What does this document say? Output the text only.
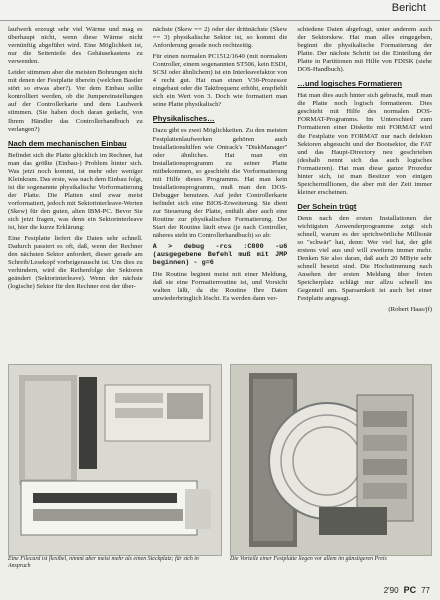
Bericht

laufwerk erzeugt sehr viel Wärme und mag es überhaupt nicht, wenn diese Wärme nicht vernünftig abgeführt wird. Eine Möglichkeit ist, nur die Seitenteile des Gehäusekastens zu verwenden.

Leider stimmen aber die meisten Bohrungen nicht mit denen der Festplatte überein (welchen Bastler stört so etwas aber?). Vor dem Einbau sollte kontrolliert werden, ob die Jumpereinstellungen auf der Controllerkarte und dem Laufwerk stimmen. (Sie haben doch daran gedacht, von Ihrem Händler das Controllerhandbuch zu verlangen?)

Nach dem mechanischen Einbau

Befindet sich die Platte glücklich im Rechner, hat man das größte (Einbau-) Problem hinter sich. Was jetzt noch kommt, ist mehr oder weniger Kleinkram. Das erste, was nach dem Einbau folgt, ist die sogenannte physikalische Vorformatierung der Platte. Die Platten sind zwar meist vorformatiert, jedoch mit Sektorinterleave-Werten (Skew) für den guten, alten IBM-PC. Bevor Sie sich jetzt fragen, was denn ein Sektorinterleave ist, hier die kurze Erklärung:

Eine Festplatte liefert die Daten sehr schnell. Dadurch passiert es oft, daß, wenn der Rechner den nächsten Sektor anfordert, dieser gerade am Schreib/Lesekopf vorbeigerauscht ist. Um dies zu verhindern, wird die Reihenfolge der Sektoren geändert (Sektorinterleave). Wenn der nächste (logische) Sektor für den Rechner erst der über-

nächste (Skew == 2) oder der drittnächste (Skew == 3) physikalische Sektor ist, so kommt die Anforderung gerade noch rechtzeitig.

Für einen normalen PC1512/1640 (mit normalem Controller, einem sogenannten ST506, kein ESDI, SCSI oder ähnlichem) ist ein Interleavefaktor von 4 recht gut. Hat man einen V30-Prozessor eingebaut oder die Taktfrequenz erhöht, empfiehlt sich ein Wert von 3. Doch wie formatiert man seine Platte physikalisch?

Physikalisches…

Dazu gibt es zwei Möglichkeiten. Zu den meisten Festplattenlaufwerken gehören auch Installationshilfen wie Ontrack's "DiskManager" oder ähnliches. Hat man ein Installationsprogramm zu seiner Platte mitbekommen, so geschieht die Vorformatierung mit Hilfe dieses Programms. Hat man kein Installationsprogramm, muß man den DOS-Debugger benutzen. Auf jeder Controllerkarte befindet sich eine BIOS-Erweiterung. Sie dient zur Steuerung der Platte, enthält aber auch eine Routine zur physikalischen Formatierung. Der Start der Routine läuft etwa (je nach Controller, näheres steht im Controllerhandbuch) so ab:

A > debug -rcs :C800 -u6 (ausgegebene Befehl muß mit JMP beginnen) - g=6

Die Routine beginnt meist mit einer Meldung, daß sie eine Formatierroutine ist, und Vorsicht walten läßt, da die Routine Ihre Daten unwiederbringlich löscht. Es werden dann ver-

schiedene Daten abgefragt, unter anderem auch der Sektorskew. Hat man alles eingegeben, beginnt die physikalische Formatierung der Platte. Der nächste Schritt ist die Einteilung der Platte in Partitionen mit Hilfe von FDISK (siehe DOS-Handbuch).

…und logisches Formatieren

Hat man dies auch hinter sich gebracht, muß man die Platte noch logisch formatieren. Dies geschieht mit Hilfe des normalen DOS-FORMAT-Programms. Im Unterschied zum Formatieren einer Diskette mit FORMAT wird die Festplatte von FORMAT nur nach defekten Sektoren abgesucht und der Bootsektor, die FAT und das Haupt-Directory neu geschrieben (deshalb nennt sich das auch logisches Formatieren). Hat man diese ganze Prozedur hinter sich, ist man Besitzer von einigen Speichermillionen, die aber mit der Zeit immer kleiner erscheinen.

Der Schein trügt

Denn nach den ersten Installationen der wichtigsten Anwenderprogramme zeigt sich schnell, warum es der sprichwörtliche Millionär so "schwär" hat, denn: Wer viel hat, der gibt erstens viel aus und will zweitens immer mehr. Denken Sie also daran, daß auch 20 MByte sehr schnell besetzt sind. Die Hochstimmung nach Ansehen der ersten Meldung über freien Speicherplatz schlägt nur allzu schnell ins Gegenteil um. Sparsamkeit ist auch bei einer Festplatte angesagt.

(Robert Haas/jf)

Eine Filecard ist flexibel, nimmt aber meist mehr als einen Steckplatz; für sich in Anspruch
Die Vorteile einer Festplatte liegen vor allem im günstigeren Preis
2'90 PC 77
